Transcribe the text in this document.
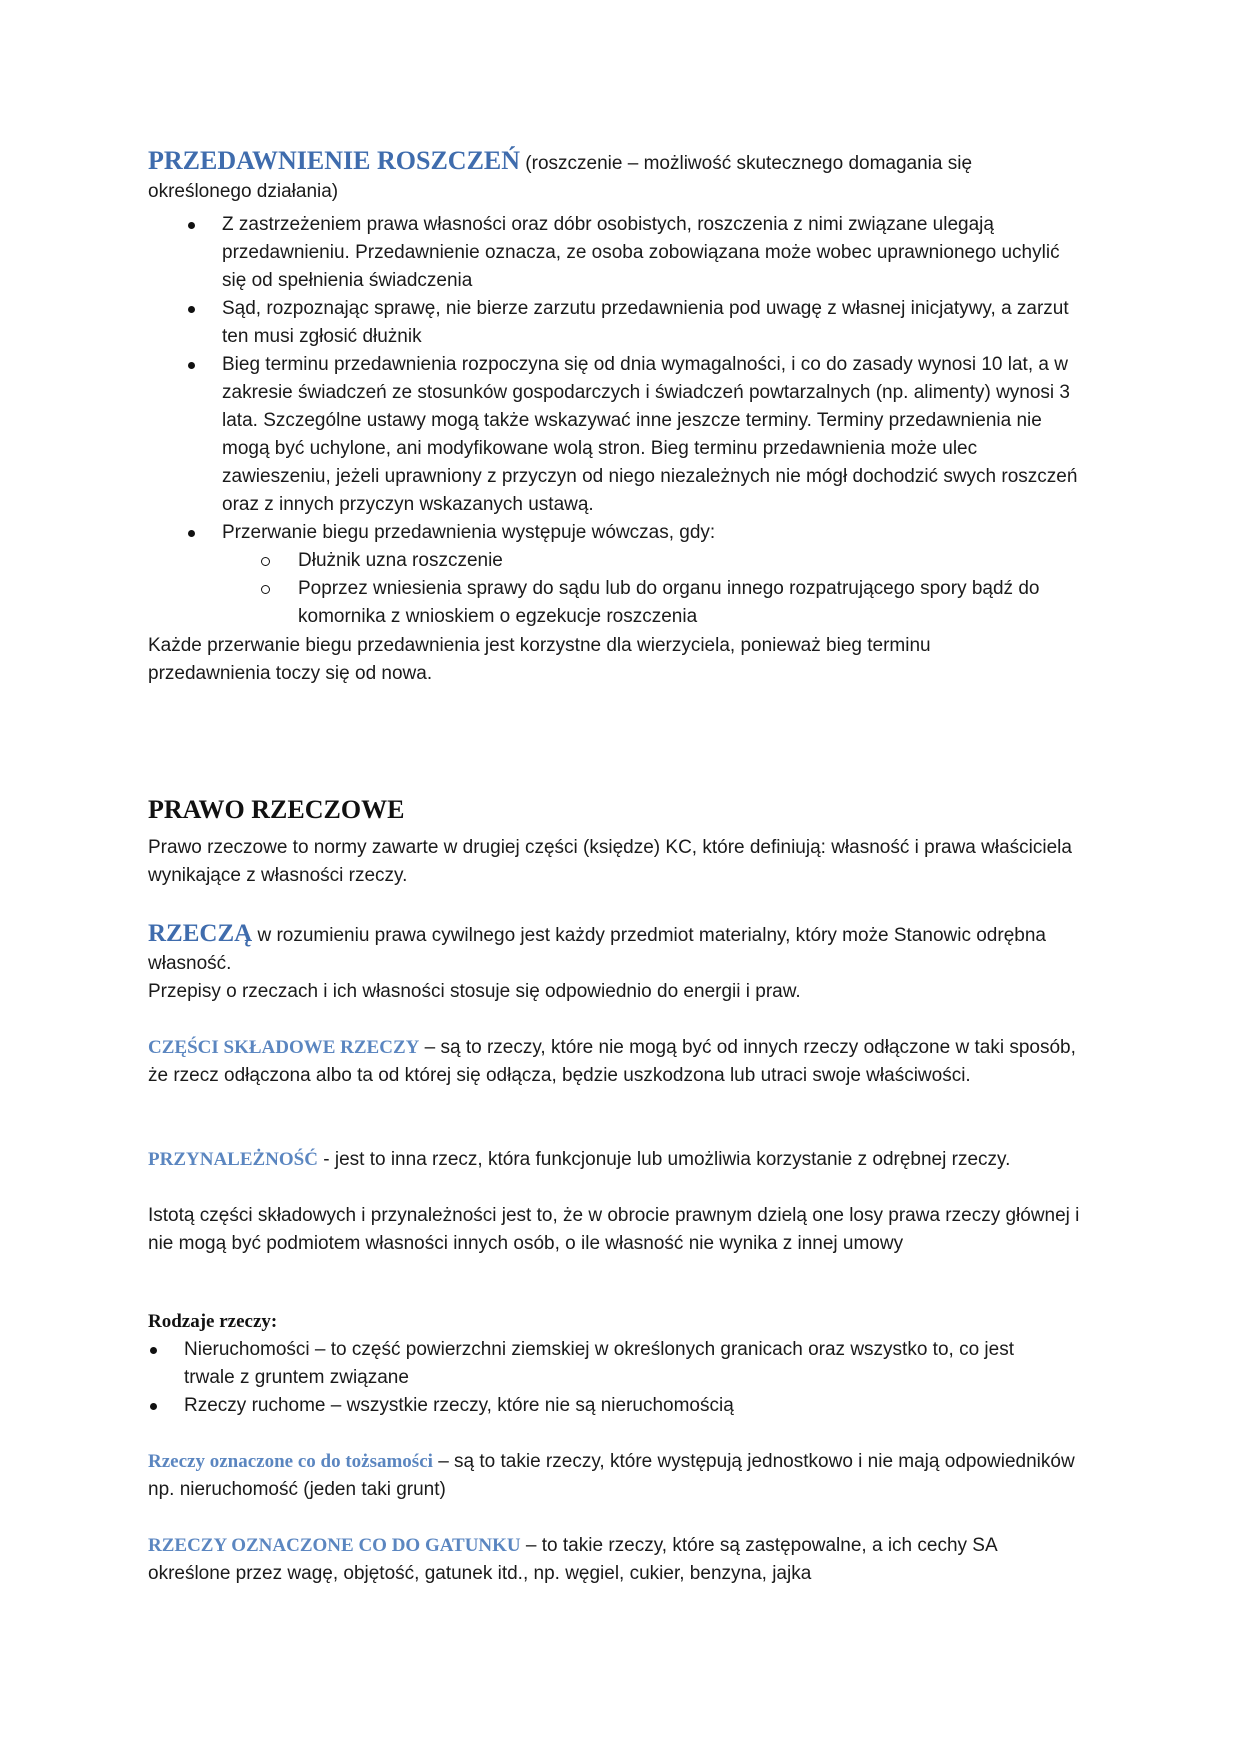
PRZEDAWNIENIE ROSZCZEŃ (roszczenie – możliwość skutecznego domagania się określonego działania)
Z zastrzeżeniem prawa własności oraz dóbr osobistych, roszczenia z nimi związane ulegają przedawnieniu. Przedawnienie oznacza, ze osoba zobowiązana może wobec uprawnionego uchylić się od spełnienia świadczenia
Sąd, rozpoznając sprawę, nie bierze zarzutu przedawnienia pod uwagę z własnej inicjatywy, a zarzut ten musi zgłosić dłużnik
Bieg terminu przedawnienia rozpoczyna się od dnia wymagalności, i co do zasady wynosi 10 lat, a w zakresie świadczeń ze stosunków gospodarczych i świadczeń powtarzalnych (np. alimenty) wynosi 3 lata. Szczególne ustawy mogą także wskazywać inne jeszcze terminy. Terminy przedawnienia nie mogą być uchylone, ani modyfikowane wolą stron. Bieg terminu przedawnienia może ulec zawieszeniu, jeżeli uprawniony z przyczyn od niego niezależnych nie mógł dochodzić swych roszczeń oraz z innych przyczyn wskazanych ustawą.
Przerwanie biegu przedawnienia występuje wówczas, gdy:
Dłużnik uzna roszczenie
Poprzez wniesienia sprawy do sądu lub do organu innego rozpatrującego spory bądź do komornika z wnioskiem o egzekucje roszczenia
Każde przerwanie biegu przedawnienia jest korzystne dla wierzyciela, ponieważ bieg terminu przedawnienia toczy się od nowa.
PRAWO RZECZOWE
Prawo rzeczowe to normy zawarte w drugiej części (księdze) KC, które definiują: własność i prawa właściciela wynikające z własności rzeczy.
RZECZĄ w rozumieniu prawa cywilnego jest każdy przedmiot materialny, który może Stanowic odrębna własność.
Przepisy o rzeczach i ich własności stosuje się odpowiednio do energii i praw.
CZĘŚCI SKŁADOWE RZECZY – są to rzeczy, które nie mogą być od innych rzeczy odłączone w taki sposób, że rzecz odłączona albo ta od której się odłącza, będzie uszkodzona lub utraci swoje właściwości.
PRZYNALEŻNOŚĆ - jest to inna rzecz, która funkcjonuje lub umożliwia korzystanie z odrębnej rzeczy.
Istotą części składowych i przynależności jest to, że w obrocie prawnym dzielą one losy prawa rzeczy głównej i nie mogą być podmiotem własności innych osób, o ile własność nie wynika z innej umowy
Rodzaje rzeczy:
Nieruchomości – to część powierzchni ziemskiej w określonych granicach oraz wszystko to, co jest trwale z gruntem związane
Rzeczy ruchome – wszystkie rzeczy, które nie są nieruchomością
Rzeczy oznaczone co do tożsamości – są to takie rzeczy, które występują jednostkowo i nie mają odpowiedników np. nieruchomość (jeden taki grunt)
RZECZY OZNACZONE CO DO GATUNKU – to takie rzeczy, które są zastępowalne, a ich cechy SA określone przez wagę, objętość, gatunek itd., np. węgiel, cukier, benzyna, jajka
